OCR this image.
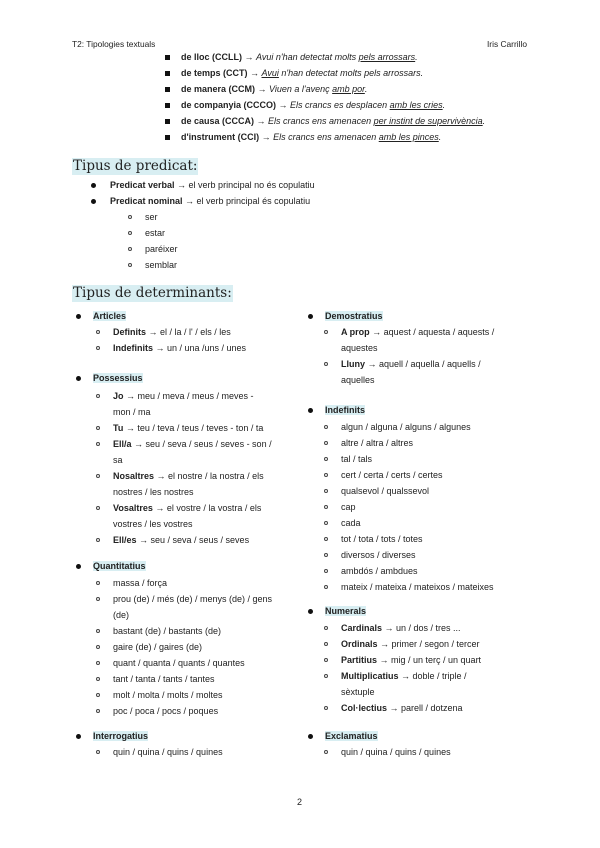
T2: Tipologies textuals	Iris Carrillo
de lloc (CCLL) → Avui n'han detectat molts pels arrossars.
de temps (CCT) → Avui n'han detectat molts pels arrossars.
de manera (CCM) → Viuen a l'avenç amb por.
de companyia (CCCO) → Els crancs es desplacen amb les cries.
de causa (CCCA) → Els crancs ens amenacen per instint de supervivència.
d'instrument (CCI) → Els crancs ens amenacen amb les pinces.
Tipus de predicat:
Predicat verbal → el verb principal no és copulatiu
Predicat nominal → el verb principal és copulatiu
ser
estar
paréixer
semblar
Tipus de determinants:
Articles
Definits → el / la / l' / els / les
Indefinits → un / una /uns / unes
Possessius
Jo → meu / meva / meus / meves -
mon / ma
Tu → teu / teva / teus / teves - ton / ta
Ell/a → seu / seva / seus / seves - son /
sa
Nosaltres → el nostre / la nostra / els
nostres / les nostres
Vosaltres → el vostre / la vostra / els
vostres / les vostres
Ell/es → seu / seva / seus / seves
Quantitatius
massa / força
prou (de) / més (de) / menys (de) / gens
(de)
bastant (de) / bastants (de)
gaire (de) / gaires (de)
quant / quanta / quants / quantes
tant / tanta / tants / tantes
molt / molta / molts / moltes
poc / poca / pocs / poques
Interrogatius
quin / quina / quins / quines
Demostratius
A prop → aquest / aquesta / aquests /
aquestes
Lluny → aquell / aquella / aquells /
aquelles
Indefinits
algun / alguna / alguns / algunes
altre / altra / altres
tal / tals
cert / certa / certs / certes
qualsevol / qualssevol
cap
cada
tot / tota / tots / totes
diversos / diverses
ambdós / ambdues
mateix / mateixa / mateixos / mateixes
Numerals
Cardinals → un / dos / tres ...
Ordinals → primer / segon / tercer
Partitius → mig / un terç / un quart
Multiplicatius → doble / triple /
sèxtuple
Col·lectius → parell / dotzena
Exclamatius
quin / quina / quins / quines
2
